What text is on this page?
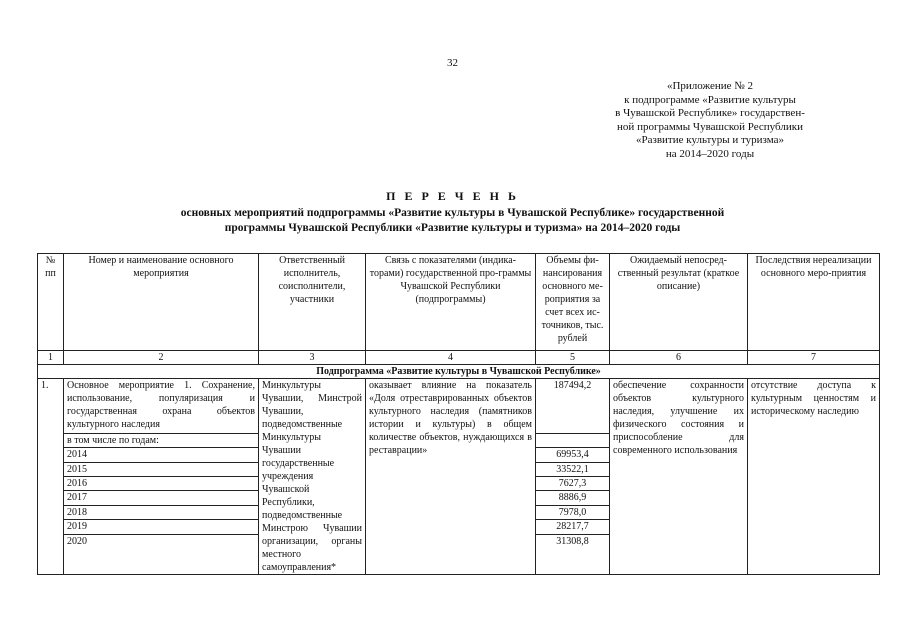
32
«Приложение № 2
к подпрограмме «Развитие культуры
в Чувашской Республике» государствен-
ной программы Чувашской Республики
«Развитие культуры и туризма»
на 2014–2020 годы
П Е Р Е Ч Е Н Ь
основных мероприятий подпрограммы «Развитие культуры в Чувашской Республике» государственной
программы Чувашской Республики «Развитие культуры и туризма» на 2014–2020 годы
№ пп	Номер и наименование основного мероприятия	Ответственный исполнитель, соисполнители, участники	Связь с показателями (индика-торами) государственной про-граммы Чувашской Республики (подпрограммы)	Объемы фи-нансирования основного ме-роприятия за счет всех ис-точников, тыс. рублей	Ожидаемый непосред-ственный результат (краткое описание)	Последствия нереализации основного меро-приятия
1	2	3	4	5	6	7
Подпрограмма «Развитие культуры в Чувашской Республике»						
1.	Основное мероприятие 1. Сохранение, использование, популяризация и государственная охрана объектов культурного наследия	Минкультуры Чувашии, Минстрой Чувашии, подведомственные Минкультуры Чувашии государственные учреждения Чувашской Республики, подведомственные Минстрою Чувашии организации, органы местного самоуправления*	оказывает влияние на показатель «Доля отреставрированных объектов культурного наследия (памятников истории и культуры) в общем количестве объектов, нуждающихся в реставрации»	187494,2	обеспечение сохранности объектов культурного наследия, улучшение их физического состояния и приспособление для современного использования	отсутствие доступа к культурным ценностям и историческому наследию
	в том числе по годам:					
	2014			69953,4		
	2015			33522,1		
	2016			7627,3		
	2017			8886,9		
	2018			7978,0		
	2019			28217,7		
	2020			31308,8		
